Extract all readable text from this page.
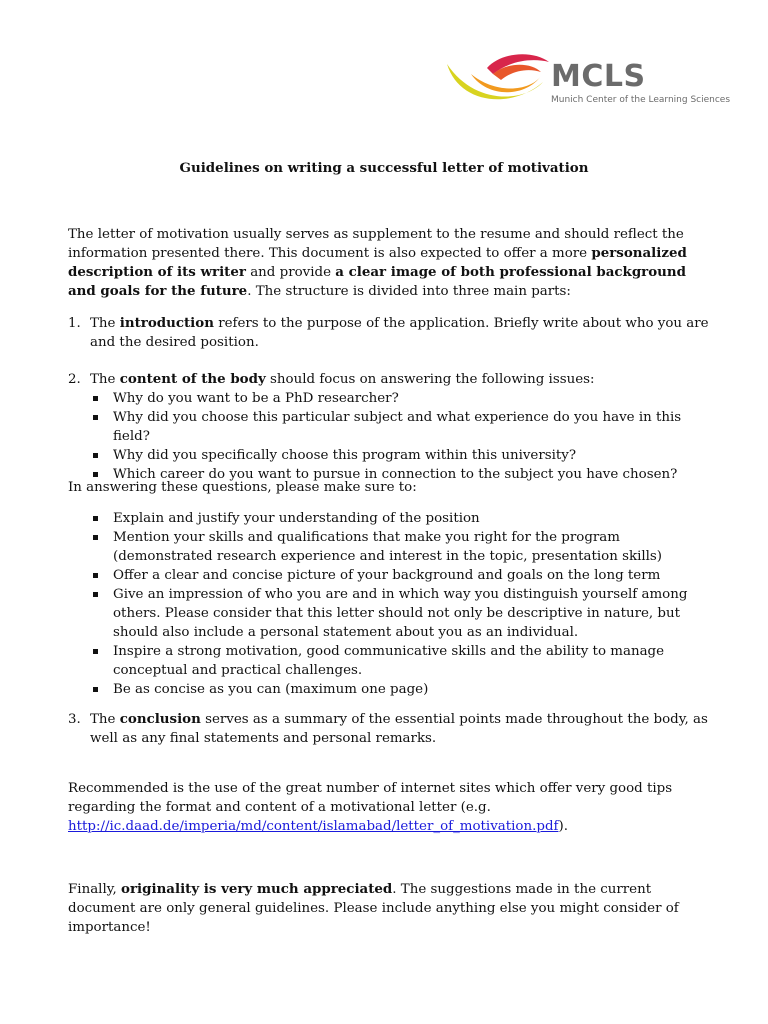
MCLS
Munich Center of the Learning Sciences
Guidelines on writing a successful letter of motivation

The letter of motivation usually serves as supplement to the resume and should reflect the information presented there. This document is also expected to offer a more personalized description of its writer and provide a clear image of both professional background and goals for the future. The structure is divided into three main parts:

1. The introduction refers to the purpose of the application. Briefly write about who you are and the desired position.

2. The content of the body should focus on answering the following issues:

Why do you want to be a PhD researcher?
Why did you choose this particular subject and what experience do you have in this field?
Why did you specifically choose this program within this university?
Which career do you want to pursue in connection to the subject you have chosen?
In answering these questions, please make sure to:
Explain and justify your understanding of the position
Mention your skills and qualifications that make you right for the program (demonstrated research experience and interest in the topic, presentation skills)
Offer a clear and concise picture of your background and goals on the long term
Give an impression of who you are and in which way you distinguish yourself among others. Please consider that this letter should not only be descriptive in nature, but should also include a personal statement about you as an individual.
Inspire a strong motivation, good communicative skills and the ability to manage conceptual and practical challenges.
Be as concise as you can (maximum one page)
3. The conclusion serves as a summary of the essential points made throughout the body, as well as any final statements and personal remarks.

Recommended is the use of the great number of internet sites which offer very good tips regarding the format and content of a motivational letter (e.g. http://ic.daad.de/imperia/md/content/islamabad/letter_of_motivation.pdf).

Finally, originality is very much appreciated. The suggestions made in the current document are only general guidelines. Please include anything else you might consider of importance!
